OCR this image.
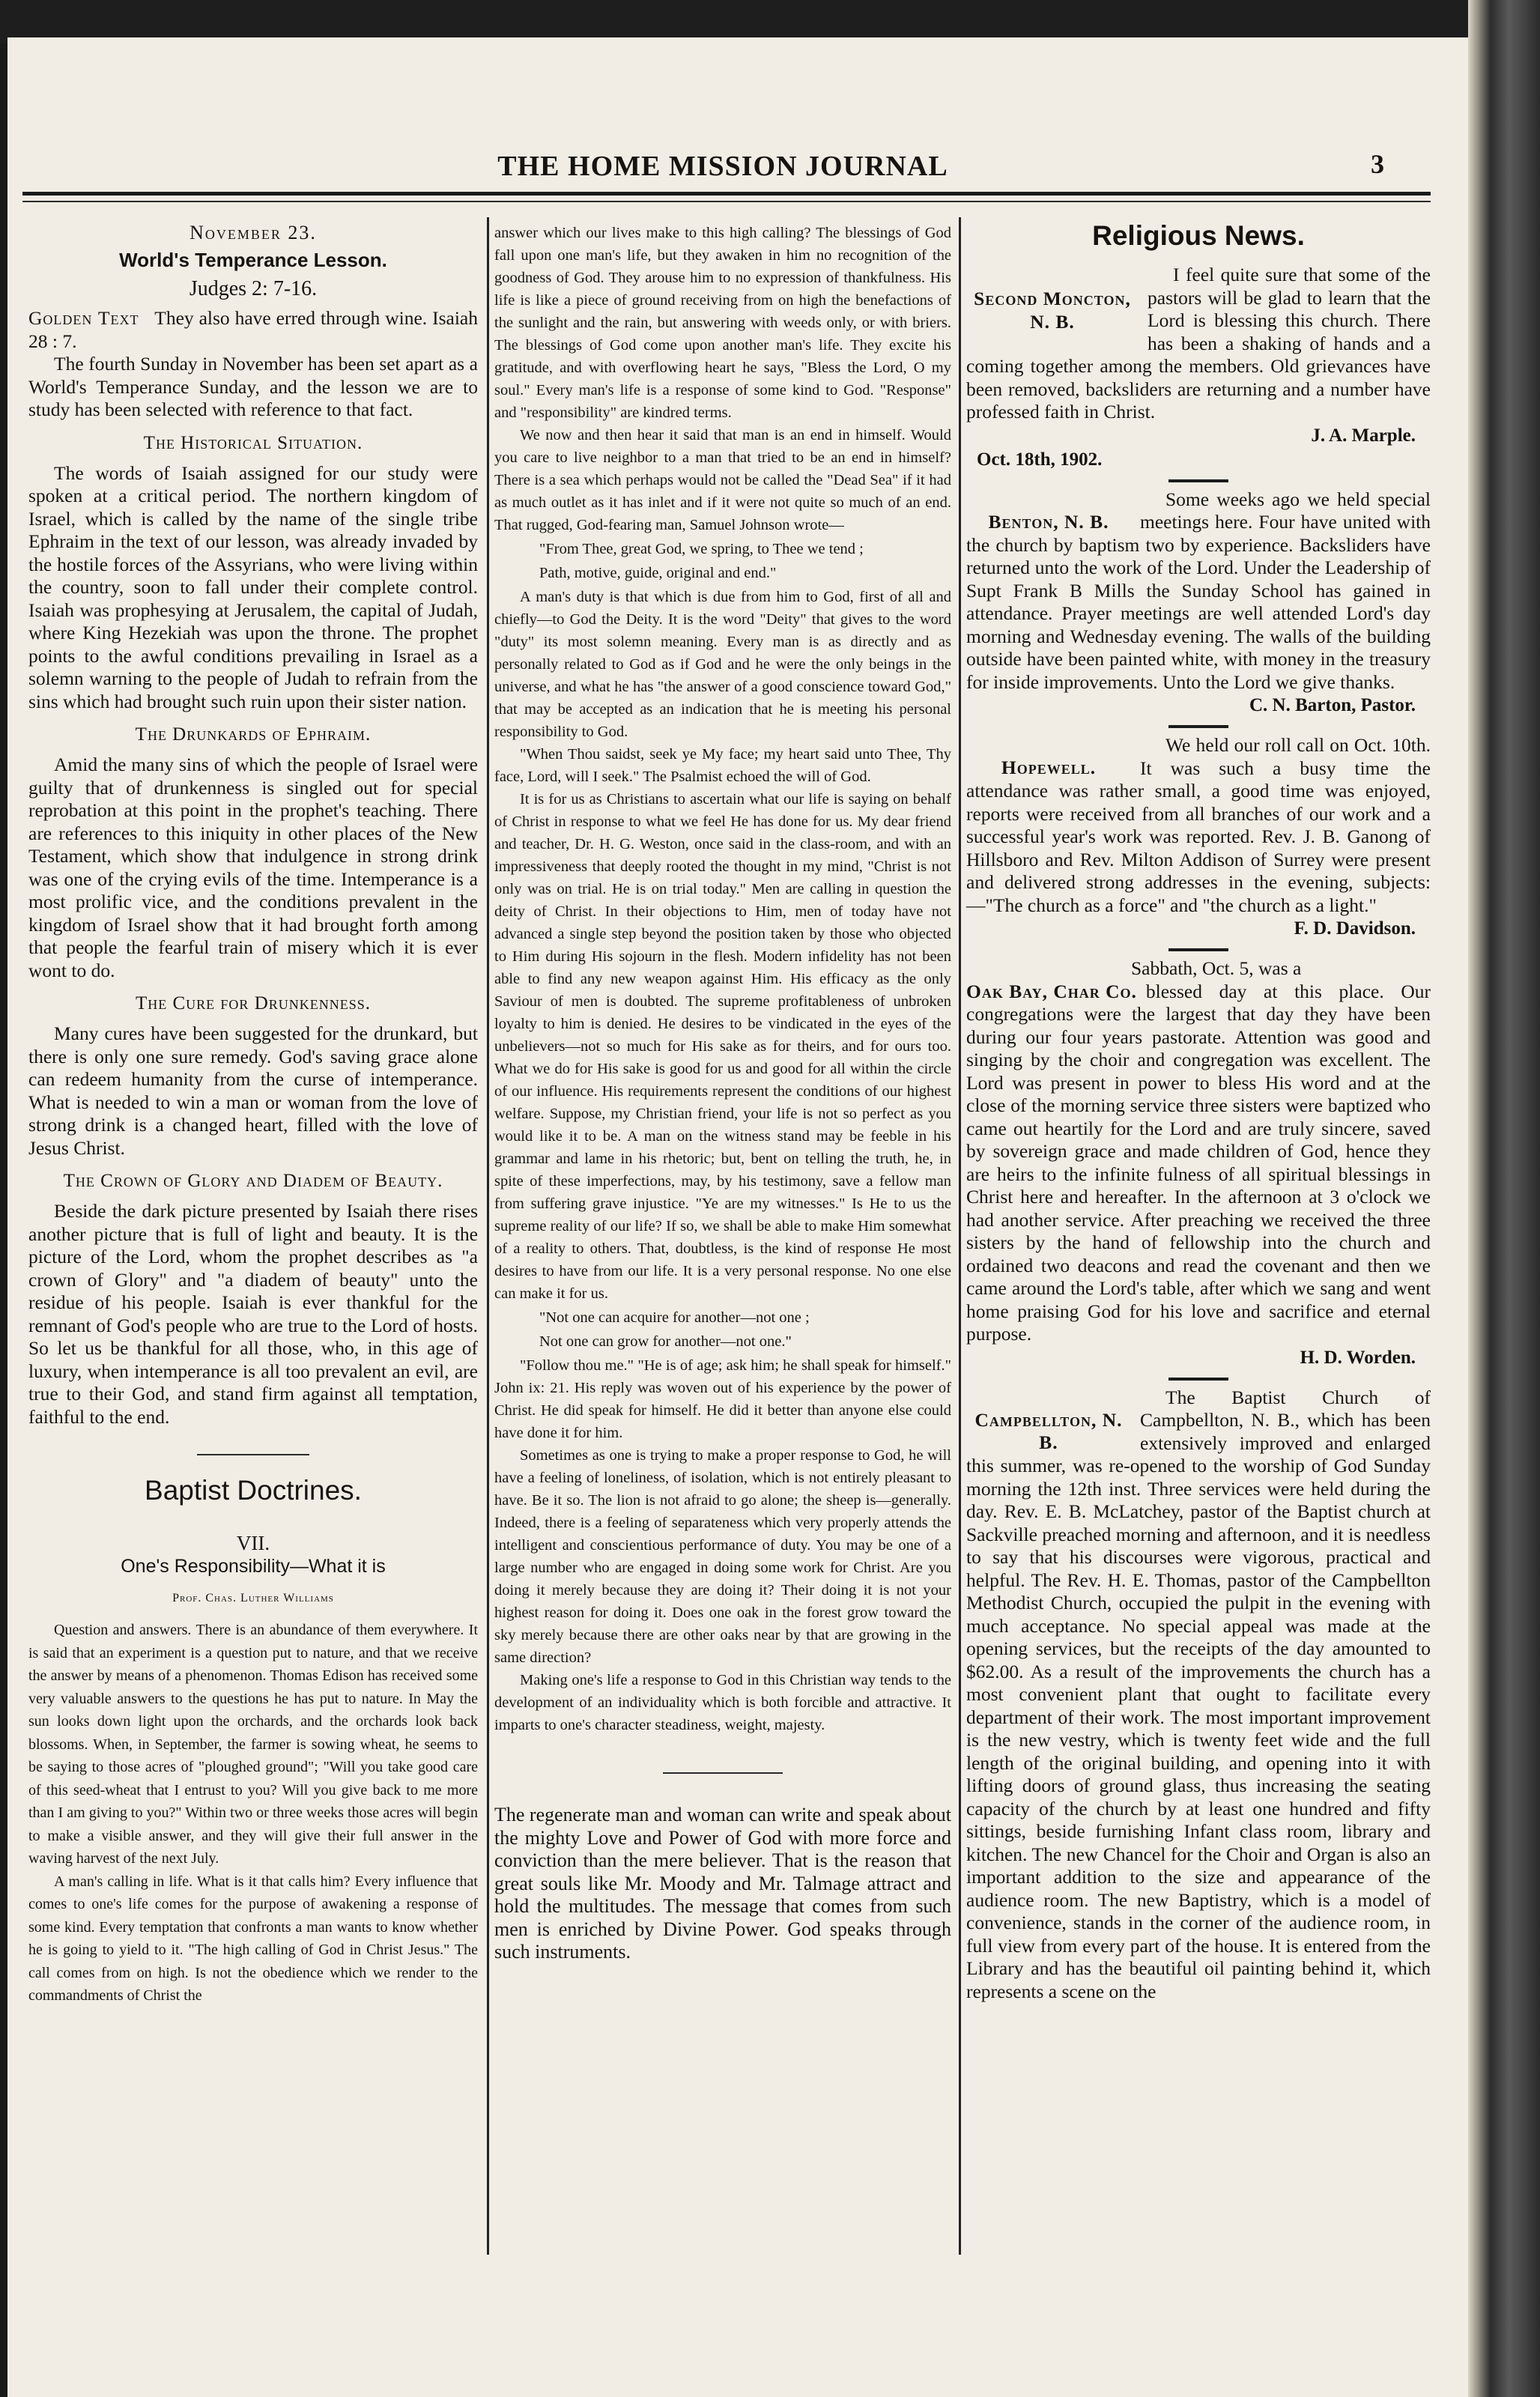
THE HOME MISSION JOURNAL	3
November 23.
World's Temperance Lesson.
Judges 2: 7-16.

Golden Text They also have erred through wine. Isaiah 28 : 7.

The fourth Sunday in November has been set apart as a World's Temperance Sunday, and the lesson we are to study has been selected with reference to that fact.

The Historical Situation.

The words of Isaiah assigned for our study were spoken at a critical period. The northern kingdom of Israel, which is called by the name of the single tribe Ephraim in the text of our lesson, was already invaded by the hostile forces of the Assyrians, who were living within the country, soon to fall under their complete control. Isaiah was prophesying at Jerusalem, the capital of Judah, where King Hezekiah was upon the throne. The prophet points to the awful conditions prevailing in Israel as a solemn warning to the people of Judah to refrain from the sins which had brought such ruin upon their sister nation.

The Drunkards of Ephraim.

Amid the many sins of which the people of Israel were guilty that of drunkenness is singled out for special reprobation at this point in the prophet's teaching. There are references to this iniquity in other places of the New Testament, which show that indulgence in strong drink was one of the crying evils of the time. Intemperance is a most prolific vice, and the conditions prevalent in the kingdom of Israel show that it had brought forth among that people the fearful train of misery which it is ever wont to do.

The Cure for Drunkenness.

Many cures have been suggested for the drunkard, but there is only one sure remedy. God's saving grace alone can redeem humanity from the curse of intemperance. What is needed to win a man or woman from the love of strong drink is a changed heart, filled with the love of Jesus Christ.

The Crown of Glory and Diadem of Beauty.

Beside the dark picture presented by Isaiah there rises another picture that is full of light and beauty. It is the picture of the Lord, whom the prophet describes as "a crown of Glory" and "a diadem of beauty" unto the residue of his people. Isaiah is ever thankful for the remnant of God's people who are true to the Lord of hosts. So let us be thankful for all those, who, in this age of luxury, when intemperance is all too prevalent an evil, are true to their God, and stand firm against all temptation, faithful to the end.

Baptist Doctrines.
VII.
One's Responsibility—What it is
Prof. Chas. Luther Williams

Question and answers. There is an abundance of them everywhere. It is said that an experiment is a question put to nature, and that we receive the answer by means of a phenomenon. Thomas Edison has received some very valuable answers to the questions he has put to nature. In May the sun looks down light upon the orchards, and the orchards look back blossoms. When, in September, the farmer is sowing wheat, he seems to be saying to those acres of "ploughed ground"; "Will you take good care of this seed-wheat that I entrust to you? Will you give back to me more than I am giving to you?" Within two or three weeks those acres will begin to make a visible answer, and they will give their full answer in the waving harvest of the next July.

A man's calling in life. What is it that calls him? Every influence that comes to one's life comes for the purpose of awakening a response of some kind. Every temptation that confronts a man wants to know whether he is going to yield to it. "The high calling of God in Christ Jesus." The call comes from on high. Is not the obedience which we render to the commandments of Christ the

answer which our lives make to this high calling? The blessings of God fall upon one man's life, but they awaken in him no recognition of the goodness of God. They arouse him to no expression of thankfulness. His life is like a piece of ground receiving from on high the benefactions of the sunlight and the rain, but answering with weeds only, or with briers. The blessings of God come upon another man's life. They excite his gratitude, and with overflowing heart he says, "Bless the Lord, O my soul." Every man's life is a response of some kind to God. "Response" and "responsibility" are kindred terms.

We now and then hear it said that man is an end in himself. Would you care to live neighbor to a man that tried to be an end in himself? There is a sea which perhaps would not be called the "Dead Sea" if it had as much outlet as it has inlet and if it were not quite so much of an end. That rugged, God-fearing man, Samuel Johnson wrote—

"From Thee, great God, we spring, to Thee we tend ;
Path, motive, guide, original and end."

A man's duty is that which is due from him to God, first of all and chiefly—to God the Deity. It is the word "Deity" that gives to the word "duty" its most solemn meaning. Every man is as directly and as personally related to God as if God and he were the only beings in the universe, and what he has "the answer of a good conscience toward God," that may be accepted as an indication that he is meeting his personal responsibility to God.

"When Thou saidst, seek ye My face; my heart said unto Thee, Thy face, Lord, will I seek." The Psalmist echoed the will of God.

It is for us as Christians to ascertain what our life is saying on behalf of Christ in response to what we feel He has done for us. My dear friend and teacher, Dr. H. G. Weston, once said in the class-room, and with an impressiveness that deeply rooted the thought in my mind, "Christ is not only was on trial. He is on trial today." Men are calling in question the deity of Christ. In their objections to Him, men of today have not advanced a single step beyond the position taken by those who objected to Him during His sojourn in the flesh. Modern infidelity has not been able to find any new weapon against Him. His efficacy as the only Saviour of men is doubted. The supreme profitableness of unbroken loyalty to him is denied. He desires to be vindicated in the eyes of the unbelievers—not so much for His sake as for theirs, and for ours too. What we do for His sake is good for us and good for all within the circle of our influence. His requirements represent the conditions of our highest welfare. Suppose, my Christian friend, your life is not so perfect as you would like it to be. A man on the witness stand may be feeble in his grammar and lame in his rhetoric; but, bent on telling the truth, he, in spite of these imperfections, may, by his testimony, save a fellow man from suffering grave injustice. "Ye are my witnesses." Is He to us the supreme reality of our life? If so, we shall be able to make Him somewhat of a reality to others. That, doubtless, is the kind of response He most desires to have from our life. It is a very personal response. No one else can make it for us.

"Not one can acquire for another—not one ;
Not one can grow for another—not one."

"Follow thou me." "He is of age; ask him; he shall speak for himself." John ix: 21. His reply was woven out of his experience by the power of Christ. He did speak for himself. He did it better than anyone else could have done it for him.

Sometimes as one is trying to make a proper response to God, he will have a feeling of loneliness, of isolation, which is not entirely pleasant to have. Be it so. The lion is not afraid to go alone; the sheep is—generally. Indeed, there is a feeling of separateness which very properly attends the intelligent and conscientious performance of duty. You may be one of a large number who are engaged in doing some work for Christ. Are you doing it merely because they are doing it? Their doing it is not your highest reason for doing it. Does one oak in the forest grow toward the sky merely because there are other oaks near by that are growing in the same direction?

Making one's life a response to God in this Christian way tends to the development of an individuality which is both forcible and attractive. It imparts to one's character steadiness, weight, majesty.

The regenerate man and woman can write and speak about the mighty Love and Power of God with more force and conviction than the mere believer. That is the reason that great souls like Mr. Moody and Mr. Talmage attract and hold the multitudes. The message that comes from such men is enriched by Divine Power. God speaks through such instruments.

Religious News.
Second Moncton, N. B.

I feel quite sure that some of the pastors will be glad to learn that the Lord is blessing this church. There has been a shaking of hands and a coming together among the members. Old grievances have been removed, backsliders are returning and a number have professed faith in Christ.

J. A. Marple.
Oct. 18th, 1902.
Benton, N. B.

Some weeks ago we held special meetings here. Four have united with the church by baptism two by experience. Backsliders have returned unto the work of the Lord. Under the Leadership of Supt Frank B Mills the Sunday School has gained in attendance. Prayer meetings are well attended Lord's day morning and Wednesday evening. The walls of the building outside have been painted white, with money in the treasury for inside improvements. Unto the Lord we give thanks.

C. N. Barton, Pastor.
Hopewell.

We held our roll call on Oct. 10th. It was such a busy time the attendance was rather small, a good time was enjoyed, reports were received from all branches of our work and a successful year's work was reported. Rev. J. B. Ganong of Hillsboro and Rev. Milton Addison of Surrey were present and delivered strong addresses in the evening, subjects:—"The church as a force" and "the church as a light."

F. D. Davidson.

Sabbath, Oct. 5, was a

Oak Bay, Char Co. blessed day at this place. Our congregations were the largest that day they have been during our four years pastorate. Attention was good and singing by the choir and congregation was excellent. The Lord was present in power to bless His word and at the close of the morning service three sisters were baptized who came out heartily for the Lord and are truly sincere, saved by sovereign grace and made children of God, hence they are heirs to the infinite fulness of all spiritual blessings in Christ here and hereafter. In the afternoon at 3 o'clock we had another service. After preaching we received the three sisters by the hand of fellowship into the church and ordained two deacons and read the covenant and then we came around the Lord's table, after which we sang and went home praising God for his love and sacrifice and eternal purpose.

H. D. Worden.
Campbellton, N. B.

The Baptist Church of Campbellton, N. B., which has been extensively improved and enlarged this summer, was re-opened to the worship of God Sunday morning the 12th inst. Three services were held during the day. Rev. E. B. McLatchey, pastor of the Baptist church at Sackville preached morning and afternoon, and it is needless to say that his discourses were vigorous, practical and helpful. The Rev. H. E. Thomas, pastor of the Campbellton Methodist Church, occupied the pulpit in the evening with much acceptance. No special appeal was made at the opening services, but the receipts of the day amounted to $62.00. As a result of the improvements the church has a most convenient plant that ought to facilitate every department of their work. The most important improvement is the new vestry, which is twenty feet wide and the full length of the original building, and opening into it with lifting doors of ground glass, thus increasing the seating capacity of the church by at least one hundred and fifty sittings, beside furnishing Infant class room, library and kitchen. The new Chancel for the Choir and Organ is also an important addition to the size and appearance of the audience room. The new Baptistry, which is a model of convenience, stands in the corner of the audience room, in full view from every part of the house. It is entered from the Library and has the beautiful oil painting behind it, which represents a scene on the
